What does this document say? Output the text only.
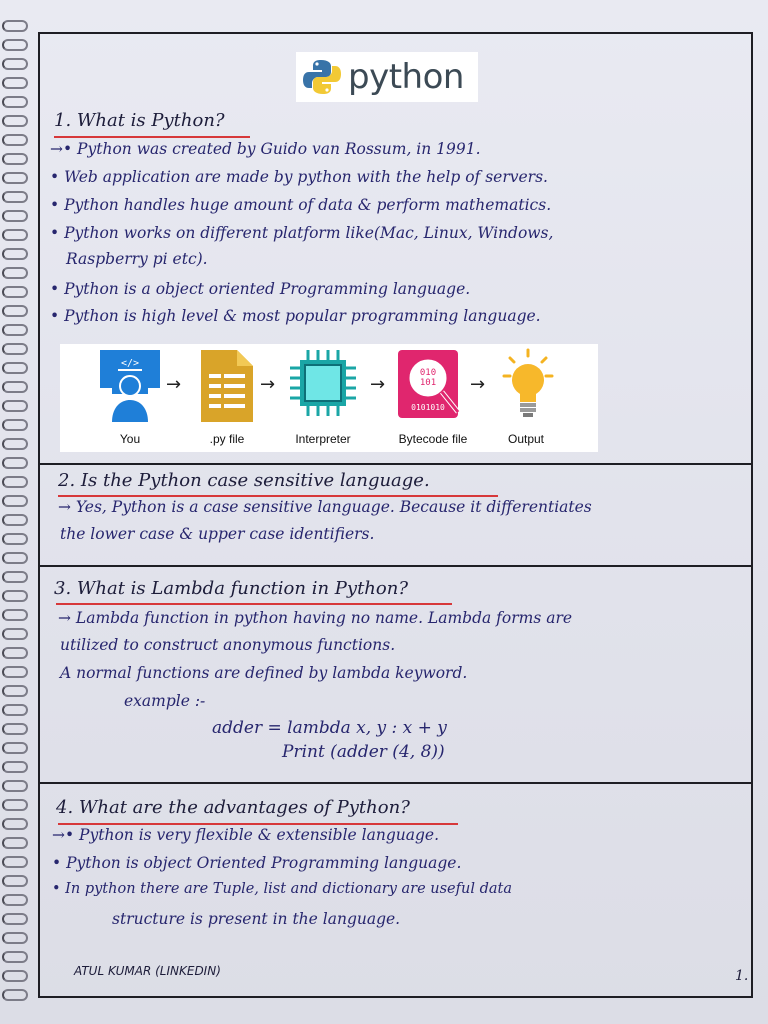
python
1. What is Python?
→• Python was created by Guido van Rossum, in 1991.
• Web application are made by python with the help of servers.
• Python handles huge amount of data & perform mathematics.
• Python works on different platform like(Mac, Linux, Windows,
Raspberry pi etc).
• Python is a object oriented Programming language.
• Python is high level & most popular programming language.
</>
→	→	→
010
101
0101010
→
You	.py file	Interpreter	Bytecode file	Output
2. Is the Python case sensitive language.
→ Yes, Python is a case sensitive language. Because it differentiates
the lower case & upper case identifiers.
3. What is Lambda function in Python?
→ Lambda function in python having no name. Lambda forms are
utilized to construct anonymous functions.
A normal functions are defined by lambda keyword.
example :-
adder = lambda x, y : x + y
Print (adder (4, 8))
4. What are the advantages of Python?
→• Python is very flexible & extensible language.
• Python is object Oriented Programming language.
• In python there are Tuple, list and dictionary are useful data
structure is present in the language.
ATUL KUMAR (LINKEDIN)	1.
